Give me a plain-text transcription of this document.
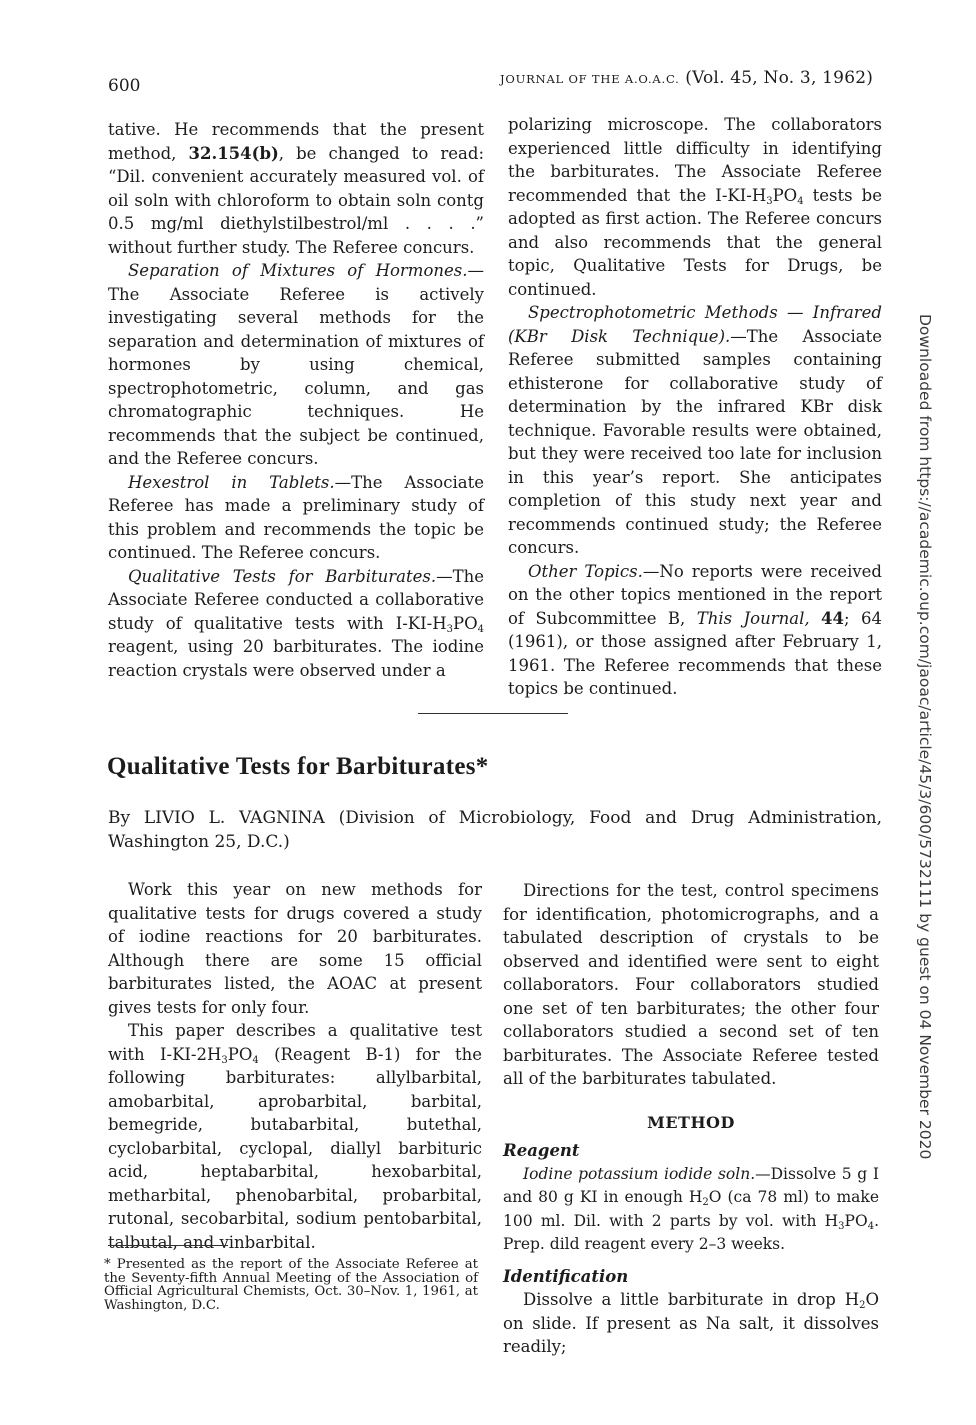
600	JOURNAL OF THE A.O.A.C. (Vol. 45, No. 3, 1962)

tative. He recommends that the present method, 32.154(b), be changed to read: “Dil. convenient accurately measured vol. of oil soln with chloroform to obtain soln contg 0.5 mg/ml diethylstilbestrol/ml . . . .” without further study. The Referee concurs.

Separation of Mixtures of Hormones.— The Associate Referee is actively investigating several methods for the separation and determination of mixtures of hormones by using chemical, spectrophotometric, column, and gas chromatographic techniques. He recommends that the subject be continued, and the Referee concurs.

Hexestrol in Tablets.—The Associate Referee has made a preliminary study of this problem and recommends the topic be continued. The Referee concurs.

Qualitative Tests for Barbiturates.—The Associate Referee conducted a collaborative study of qualitative tests with $I-KI-H_3PO_4$ reagent, using 20 barbiturates. The iodine reaction crystals were observed under a

polarizing microscope. The collaborators experienced little difficulty in identifying the barbiturates. The Associate Referee recommended that the $I-KI-H_3PO_4$ tests be adopted as first action. The Referee concurs and also recommends that the general topic, Qualitative Tests for Drugs, be continued.

Spectrophotometric Methods — Infrared (KBr Disk Technique).—The Associate Referee submitted samples containing ethisterone for collaborative study of determination by the infrared KBr disk technique. Favorable results were obtained, but they were received too late for inclusion in this year’s report. She anticipates completion of this study next year and recommends continued study; the Referee concurs.

Other Topics.—No reports were received on the other topics mentioned in the report of Subcommittee B, This Journal, 44; 64 (1961), or those assigned after February 1, 1961. The Referee recommends that these topics be continued.

Qualitative Tests for Barbiturates*
By LIVIO L. VAGNINA (Division of Microbiology, Food and Drug Administration, Washington 25, D.C.)

Work this year on new methods for qualitative tests for drugs covered a study of iodine reactions for 20 barbiturates. Although there are some 15 official barbiturates listed, the AOAC at present gives tests for only four.

This paper describes a qualitative test with $I-KI-2H_3PO_4$ (Reagent B-1) for the following barbiturates: allylbarbital, amobarbital, aprobarbital, barbital, bemegride, butabarbital, butethal, cyclobarbital, cyclopal, diallyl barbituric acid, heptabarbital, hexobarbital, metharbital, phenobarbital, probarbital, rutonal, secobarbital, sodium pentobarbital, talbutal, and vinbarbital.

Directions for the test, control specimens for identification, photomicrographs, and a tabulated description of crystals to be observed and identified were sent to eight collaborators. Four collaborators studied one set of ten barbiturates; the other four collaborators studied a second set of ten barbiturates. The Associate Referee tested all of the barbiturates tabulated.

METHOD

Reagent

Iodine potassium iodide soln.—Dissolve 5 g I and 80 g KI in enough $H_2O$ (ca 78 ml) to make 100 ml. Dil. with 2 parts by vol. with $H_3PO_4$. Prep. dild reagent every 2–3 weeks.

Identification

Dissolve a little barbiturate in drop $H_2O$ on slide. If present as Na salt, it dissolves readily;

* Presented as the report of the Associate Referee at the Seventy-fifth Annual Meeting of the Association of Official Agricultural Chemists, Oct. 30–Nov. 1, 1961, at Washington, D.C.
Downloaded from https://academic.oup.com/jaoac/article/45/3/600/5732111 by guest on 04 November 2020
